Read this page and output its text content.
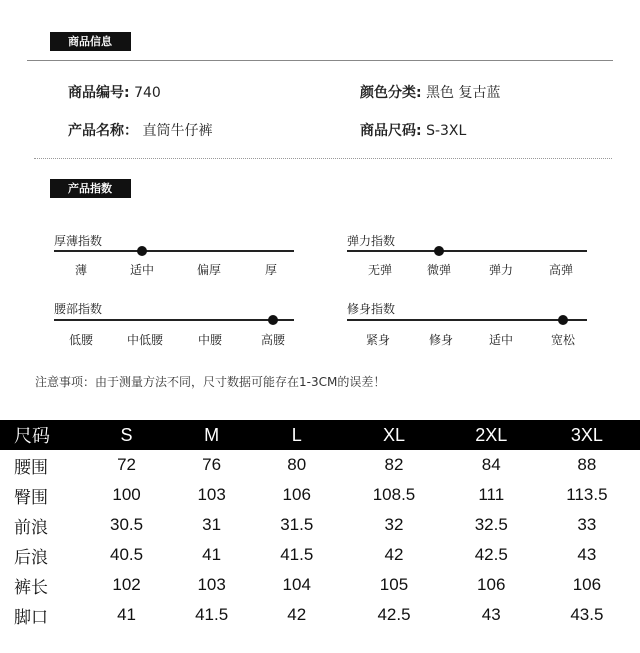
商品信息
商品编号: 740	颜色分类: 黑色 复古蓝
产品名称： 直筒牛仔裤	商品尺码: S-3XL
产品指数
厚薄指数
薄	适中	偏厚	厚
弹力指数
无弹	微弹	弹力	高弹
腰部指数
低腰	中低腰	中腰	高腰
修身指数
紧身	修身	适中	宽松
注意事项：由于测量方法不同，尺寸数据可能存在1-3CM的误差！
尺码	S	M	L	XL	2XL	3XL
腰围	72	76	80	82	84	88
臀围	100	103	106	108.5	111	113.5
前浪	30.5	31	31.5	32	32.5	33
后浪	40.5	41	41.5	42	42.5	43
裤长	102	103	104	105	106	106
脚口	41	41.5	42	42.5	43	43.5
